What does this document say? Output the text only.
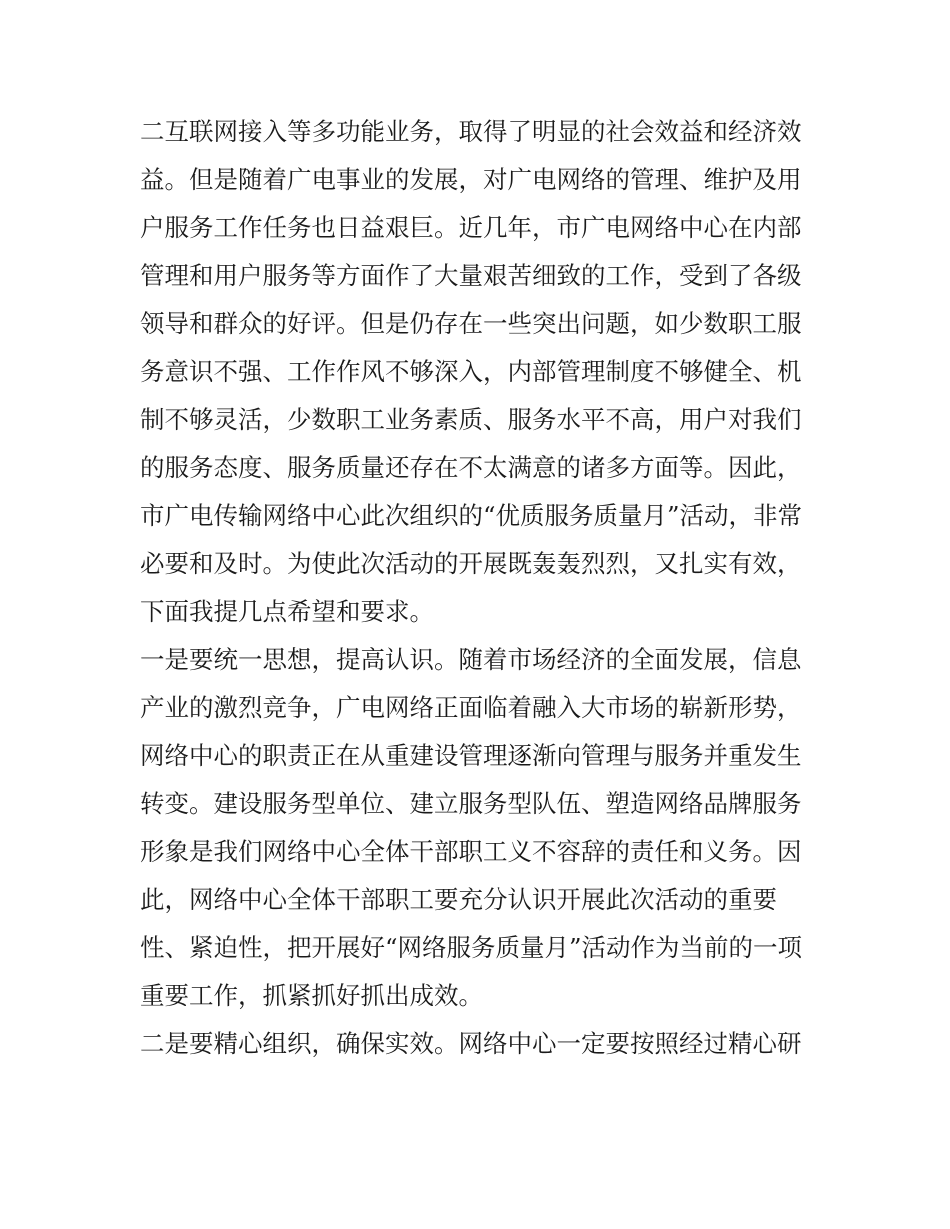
二互联网接入等多功能业务，取得了明显的社会效益和经济效
益。但是随着广电事业的发展，对广电网络的管理、维护及用
户服务工作任务也日益艰巨。近几年，市广电网络中心在内部
管理和用户服务等方面作了大量艰苦细致的工作，受到了各级
领导和群众的好评。但是仍存在一些突出问题，如少数职工服
务意识不强、工作作风不够深入，内部管理制度不够健全、机
制不够灵活，少数职工业务素质、服务水平不高，用户对我们
的服务态度、服务质量还存在不太满意的诸多方面等。因此，
市广电传输网络中心此次组织的“优质服务质量月”活动，非常
必要和及时。为使此次活动的开展既轰轰烈烈，又扎实有效，
下面我提几点希望和要求。
一是要统一思想，提高认识。随着市场经济的全面发展，信息
产业的激烈竞争，广电网络正面临着融入大市场的崭新形势，
网络中心的职责正在从重建设管理逐渐向管理与服务并重发生
转变。建设服务型单位、建立服务型队伍、塑造网络品牌服务
形象是我们网络中心全体干部职工义不容辞的责任和义务。因
此，网络中心全体干部职工要充分认识开展此次活动的重要
性、紧迫性，把开展好“网络服务质量月”活动作为当前的一项
重要工作，抓紧抓好抓出成效。
二是要精心组织，确保实效。网络中心一定要按照经过精心研
